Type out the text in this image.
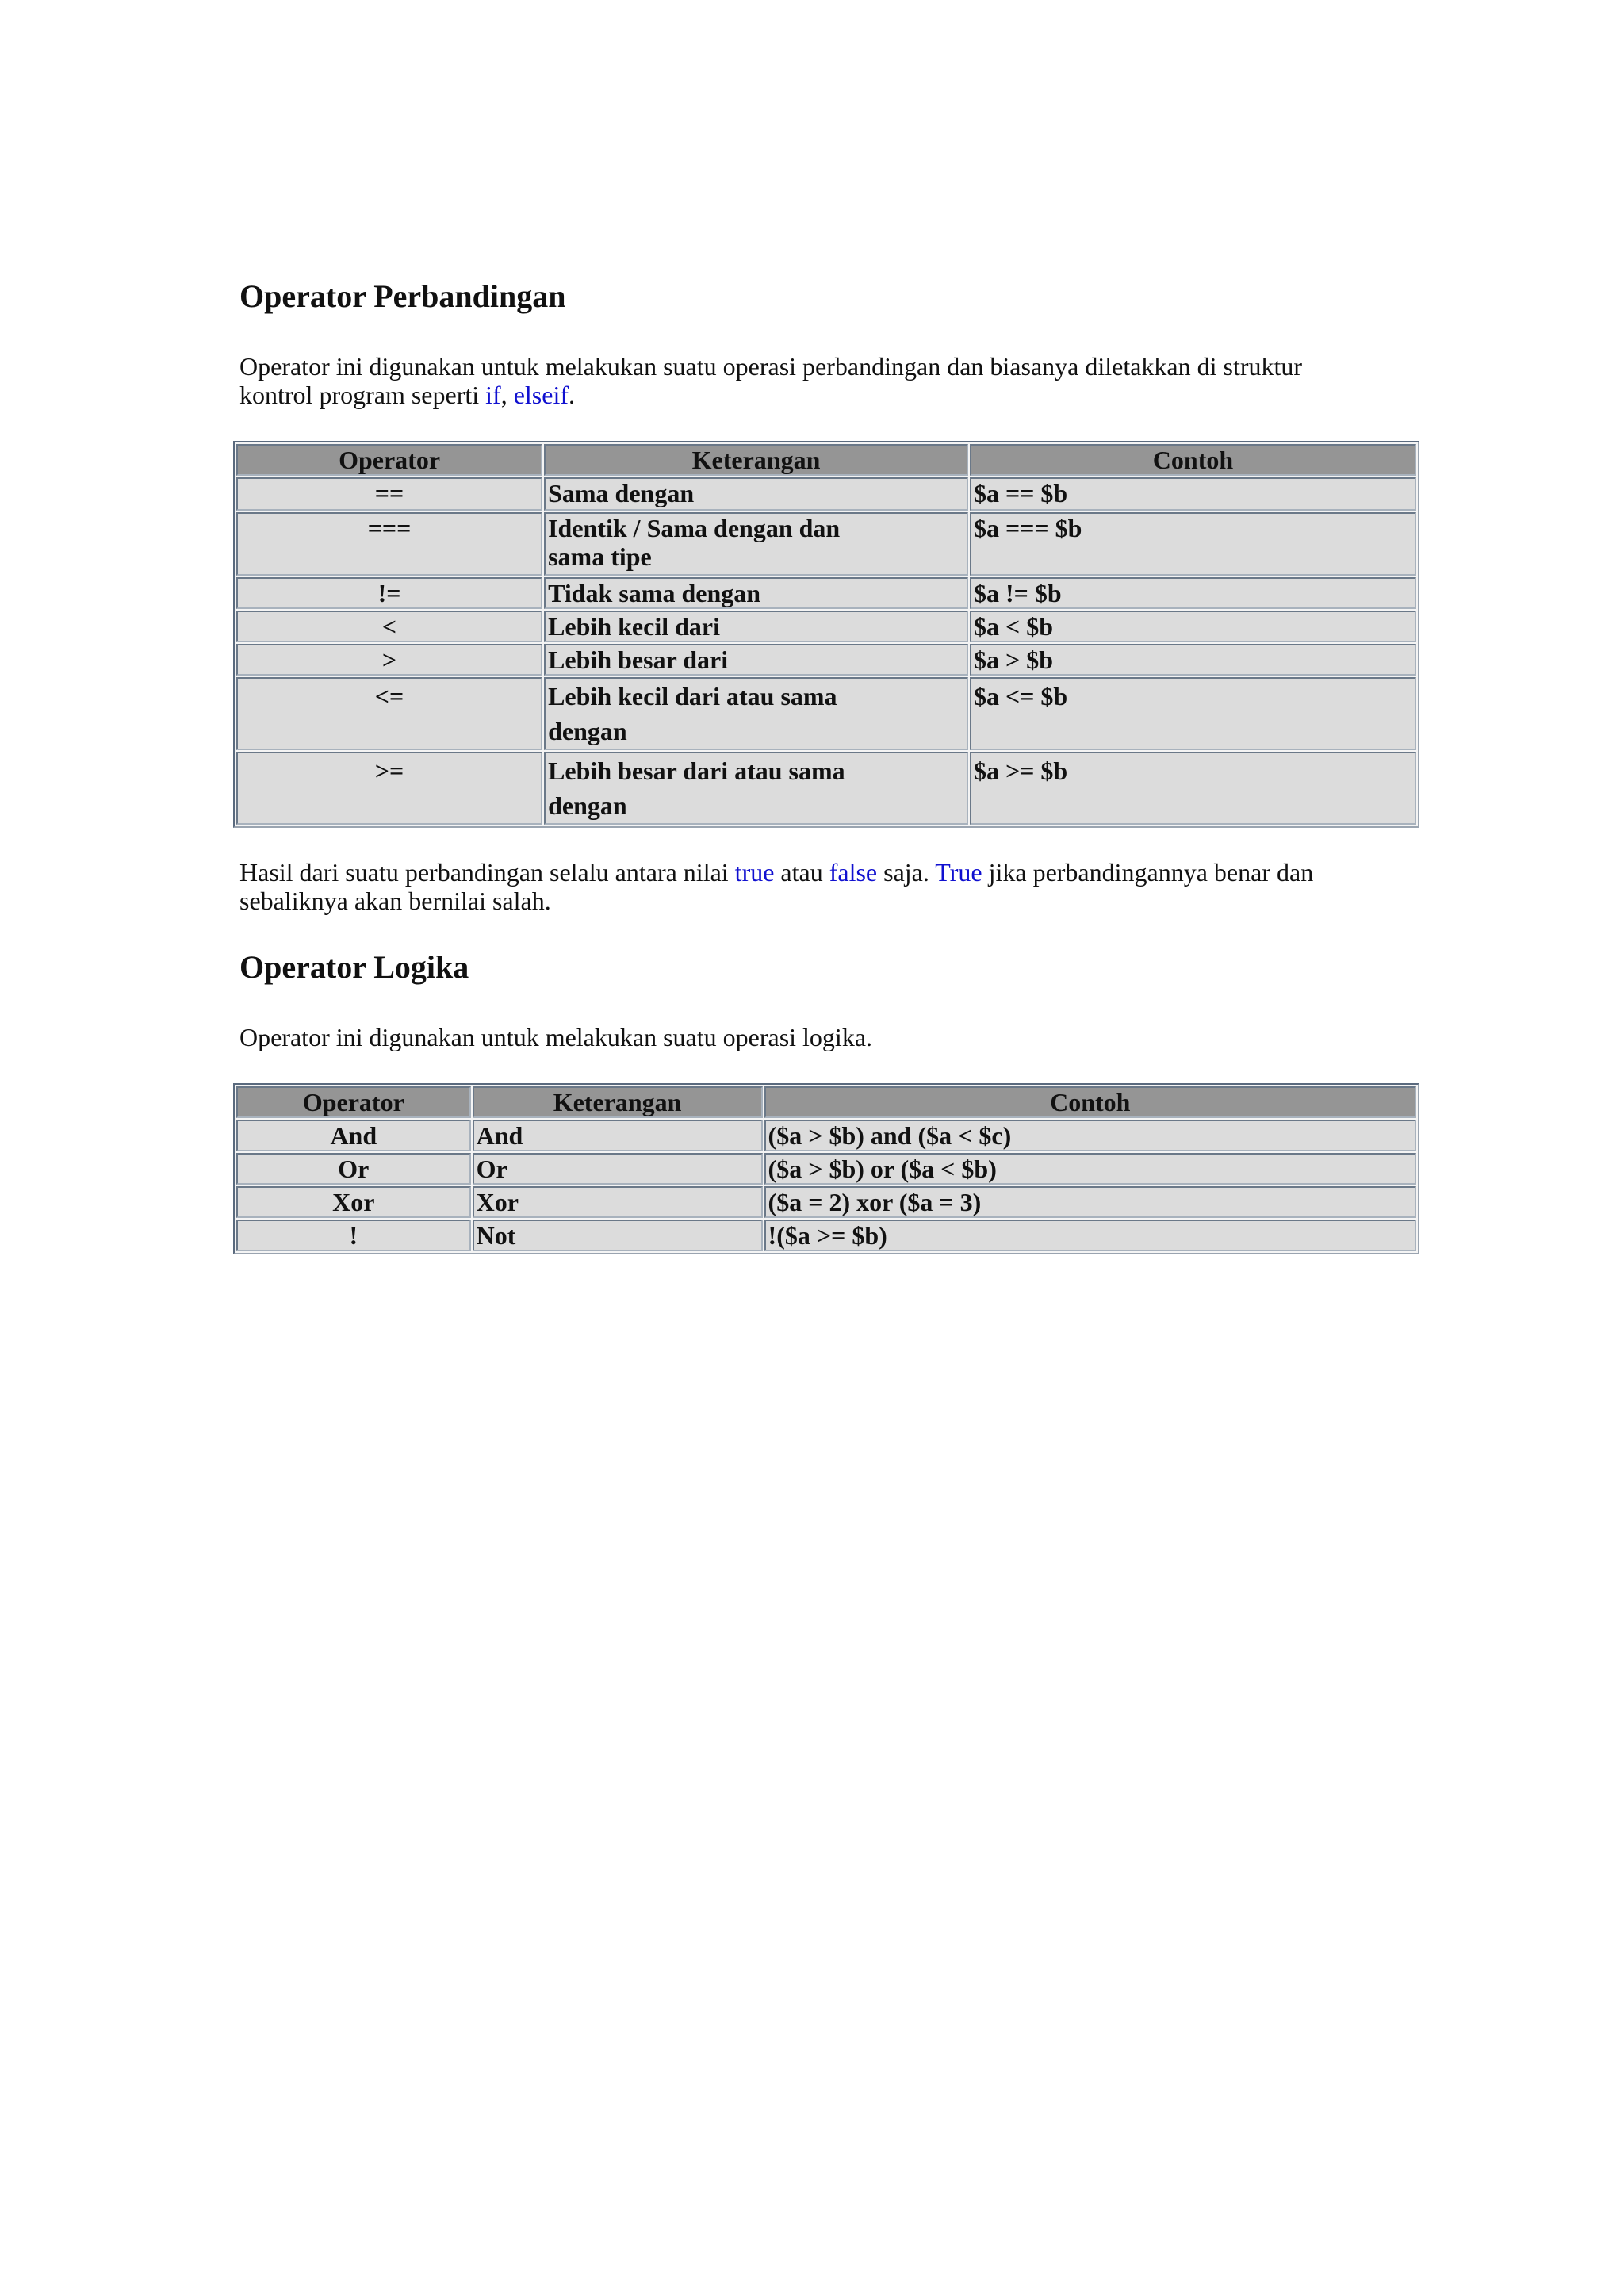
Operator Perbandingan

Operator ini digunakan untuk melakukan suatu operasi perbandingan dan biasanya diletakkan di struktur kontrol program seperti if, elseif.

Operator	Keterangan	Contoh
==	Sama dengan	$a == $b
===	Identik / Sama dengan dan sama tipe	$a === $b
!=	Tidak sama dengan	$a != $b
<	Lebih kecil dari	$a < $b
>	Lebih besar dari	$a > $b
<=	Lebih kecil dari atau sama dengan	$a <= $b
>=	Lebih besar dari atau sama dengan	$a >= $b

Hasil dari suatu perbandingan selalu antara nilai true atau false saja. True jika perbandingannya benar dan sebaliknya akan bernilai salah.

Operator Logika

Operator ini digunakan untuk melakukan suatu operasi logika.

Operator	Keterangan	Contoh
And	And	($a > $b) and ($a < $c)
Or	Or	($a > $b) or ($a < $b)
Xor	Xor	($a = 2) xor ($a = 3)
!	Not	!($a >= $b)
